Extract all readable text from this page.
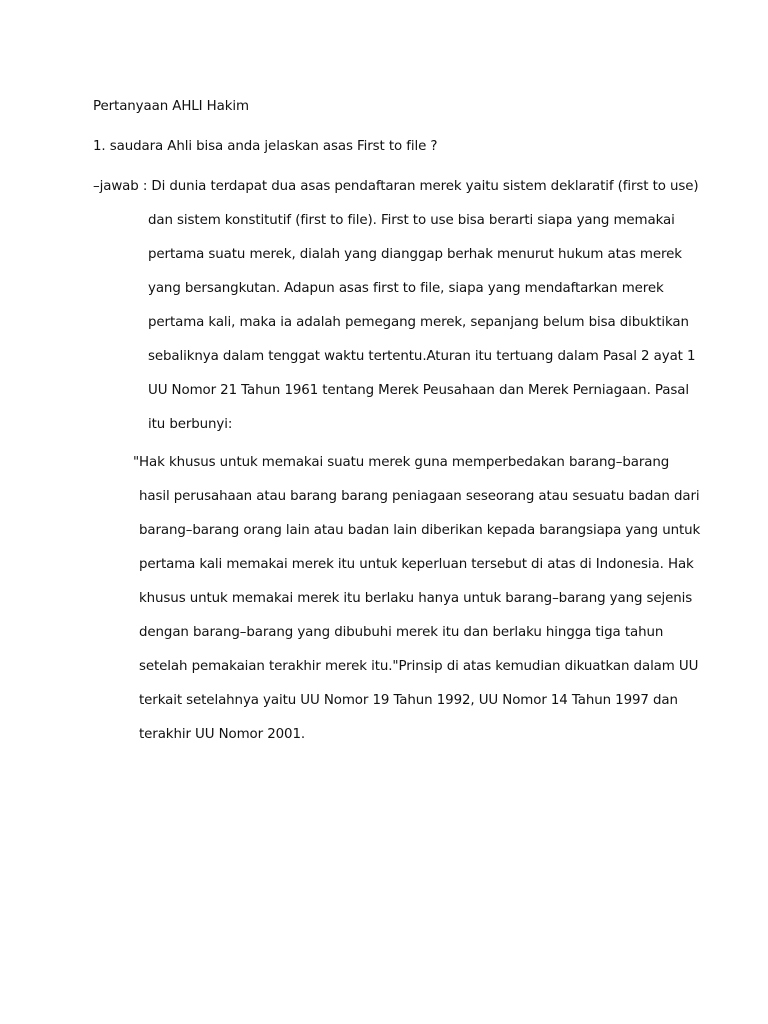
Pertanyaan AHLI Hakim
1. saudara Ahli bisa anda jelaskan asas First to file ?
–jawab : Di dunia terdapat dua asas pendaftaran merek yaitu sistem deklaratif (first to use)
dan sistem konstitutif (first to file). First to use bisa berarti siapa yang memakai
pertama suatu merek, dialah yang dianggap berhak menurut hukum atas merek
yang bersangkutan. Adapun asas first to file, siapa yang mendaftarkan merek
pertama kali, maka ia adalah pemegang merek, sepanjang belum bisa dibuktikan
sebaliknya dalam tenggat waktu tertentu.Aturan itu tertuang dalam Pasal 2 ayat 1
UU Nomor 21 Tahun 1961 tentang Merek Peusahaan dan Merek Perniagaan. Pasal
itu berbunyi:
"Hak khusus untuk memakai suatu merek guna memperbedakan barang–barang
hasil perusahaan atau barang barang peniagaan seseorang atau sesuatu badan dari
barang–barang orang lain atau badan lain diberikan kepada barangsiapa yang untuk
pertama kali memakai merek itu untuk keperluan tersebut di atas di Indonesia. Hak
khusus untuk memakai merek itu berlaku hanya untuk barang–barang yang sejenis
dengan barang–barang yang dibubuhi merek itu dan berlaku hingga tiga tahun
setelah pemakaian terakhir merek itu."Prinsip di atas kemudian dikuatkan dalam UU
terkait setelahnya yaitu UU Nomor 19 Tahun 1992, UU Nomor 14 Tahun 1997 dan
terakhir UU Nomor 2001.
